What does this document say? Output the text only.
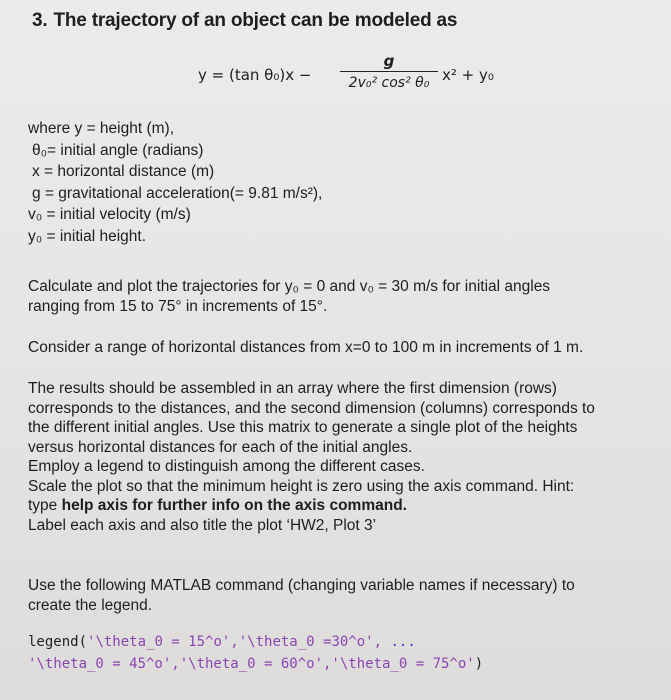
3. The trajectory of an object can be modeled as
y = (tan θ₀)x −
g
2v₀² cos² θ₀ x² + y₀
where y = height (m),
θ₀= initial angle (radians)
x = horizontal distance (m)
g = gravitational acceleration(= 9.81 m/s²),
v₀ = initial velocity (m/s)
y₀ = initial height.
Calculate and plot the trajectories for y₀ = 0 and v₀ = 30 m/s for initial angles
ranging from 15 to 75° in increments of 15°.
Consider a range of horizontal distances from x=0 to 100 m in increments of 1 m.
The results should be assembled in an array where the first dimension (rows)
corresponds to the distances, and the second dimension (columns) corresponds to
the different initial angles. Use this matrix to generate a single plot of the heights
versus horizontal distances for each of the initial angles.
Employ a legend to distinguish among the different cases.
Scale the plot so that the minimum height is zero using the axis command. Hint:
type help axis for further info on the axis command.
Label each axis and also title the plot ‘HW2, Plot 3’
Use the following MATLAB command (changing variable names if necessary) to
create the legend.
legend('\theta_0 = 15^o','\theta_0 =30^o', ...
'\theta_0 = 45^o','\theta_0 = 60^o','\theta_0 = 75^o')
